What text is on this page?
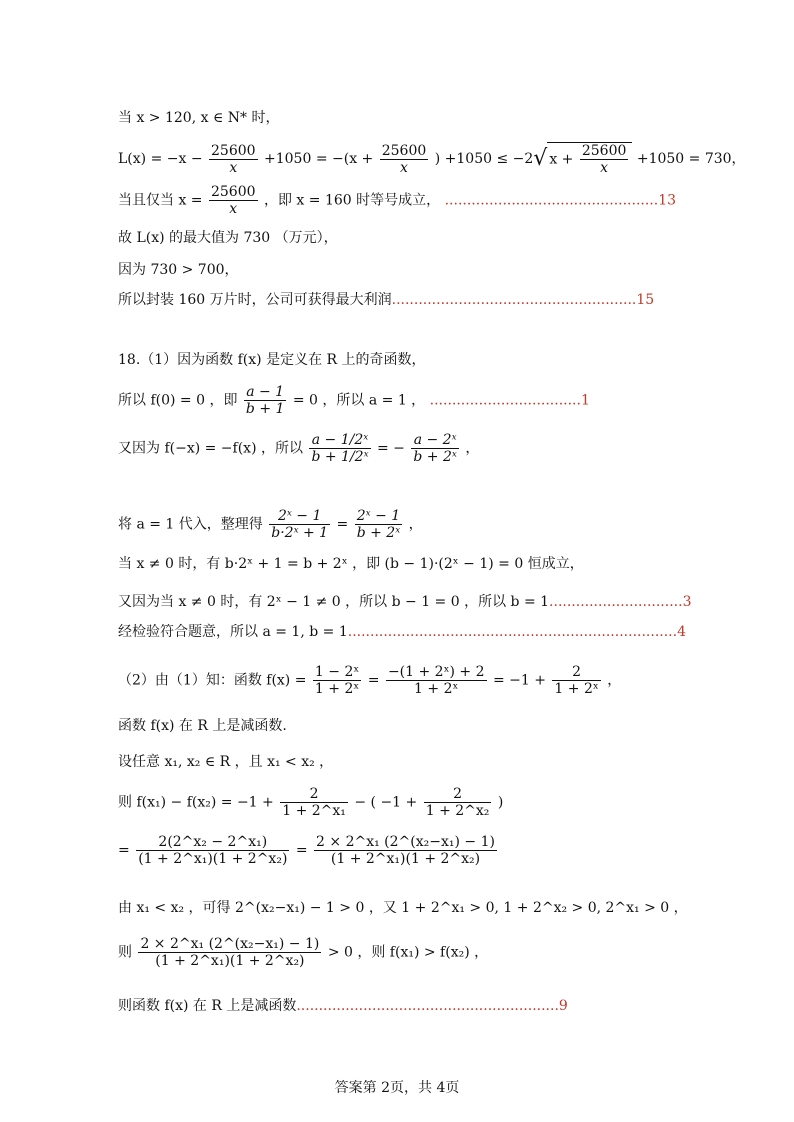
当 x > 120, x ∈ N* 时，
$L(x) = -x - \frac{25600}{x} +1050 = -(x + \frac{25600}{x}$ ) +1050 ≤ −2√ $x + \frac{25600}{x} +1050 = 730$，
当且仅当 $x = \frac{25600}{x}$ ，即 x = 160 时等号成立， ................................................13
故 L(x) 的最大值为 730 （万元），
因为 730 > 700，
所以封装 160 万片时，公司可获得最大利润.......................................................15
18.（1）因为函数 f(x) 是定义在 R 上的奇函数，
所以 f(0) = 0 ，即 $\frac{a - 1}{b + 1} = 0$ ，所以 a = 1 ， ..................................1
又因为 f(−x) = −f(x) ，所以 $\frac{\text{a − 1/2ˣ}}{\text{b + 1/2ˣ}}$ = − $\frac{\text{a − 2ˣ}}{\text{b + 2ˣ}}$ ，
将 a = 1 代入，整理得 $\frac{\text{2ˣ − 1}}{\text{b·2ˣ + 1}} = \frac{\text{2ˣ − 1}}{\text{b + 2ˣ}}$ ，
当 x ≠ 0 时，有 b·2ˣ + 1 = b + 2ˣ ，即 (b − 1)·(2ˣ − 1) = 0 恒成立，
又因为当 x ≠ 0 时，有 2ˣ − 1 ≠ 0 ，所以 b − 1 = 0 ，所以 b = 1..............................3
经检验符合题意，所以 a = 1, b = 1..........................................................................4
（2）由（1）知：函数 $f(x) = \frac{\text{1 − 2ˣ}}{\text{1 + 2ˣ}} = \frac{\text{−(1 + 2ˣ) + 2}}{\text{1 + 2ˣ}} = -1 + \frac{2}{\text{1 + 2ˣ}}$ ，
函数 f(x) 在 R 上是减函数.
设任意 x₁, x₂ ∈ R ，且 x₁ < x₂ ，
则 $f(x_1) - f(x_2) = -1 + \frac{2}{\text{1 + 2\textasciicircum{}x₁}}$ − ( $-1 + \frac{2}{\text{1 + 2\textasciicircum{}x₂}}$ )
= $\frac{\text{2(2\textasciicircum{}x₂ − 2\textasciicircum{}x₁)}}{\text{(1 + 2\textasciicircum{}x₁)(1 + 2\textasciicircum{}x₂)}} = \frac{\text{2 × 2\textasciicircum{}x₁ (2\textasciicircum{}(x₂−x₁) − 1)}}{\text{(1 + 2\textasciicircum{}x₁)(1 + 2\textasciicircum{}x₂)}}$
由 x₁ < x₂ ，可得 2^(x₂−x₁) − 1 > 0 ，又 1 + 2^x₁ > 0, 1 + 2^x₂ > 0, 2^x₁ > 0 ，
则 $\frac{\text{2 × 2\textasciicircum{}x₁ (2\textasciicircum{}(x₂−x₁) − 1)}}{\text{(1 + 2\textasciicircum{}x₁)(1 + 2\textasciicircum{}x₂)}} > 0$ ，则 f(x₁) > f(x₂) ，
则函数 f(x) 在 R 上是减函数...........................................................9
答案第 2页，共 4页
